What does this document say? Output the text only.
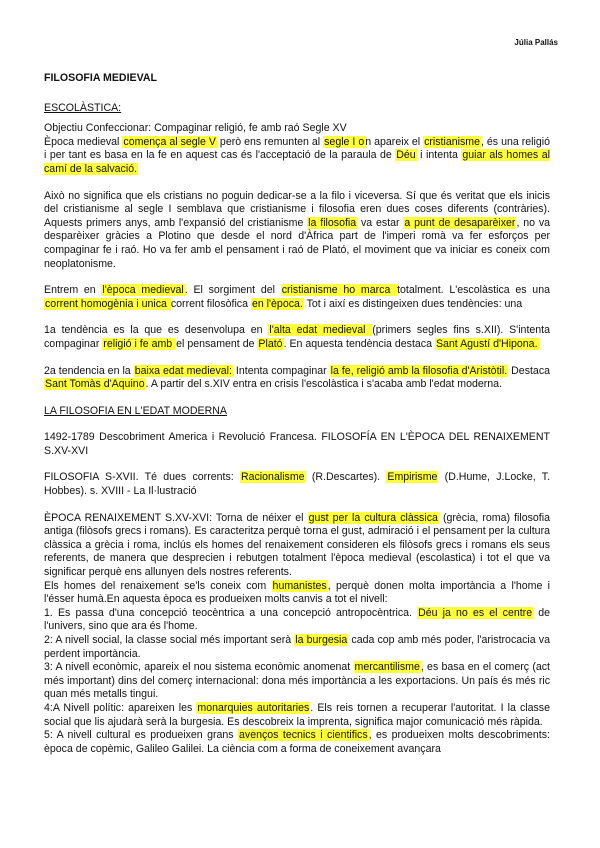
Júlia Pallás

FILOSOFIA MEDIEVAL

ESCOLÀSTICA:

Objectiu Confeccionar: Compaginar religió, fe amb raó Segle XV
Època medieval comença al segle V però ens remunten al segle I on apareix el cristianisme, és una religió i per tant es basa en la fe en aquest cas és l'acceptació de la paraula de Déu i intenta guiar als homes al camí de la salvació.

Això no significa que els cristians no poguin dedicar-se a la filo i viceversa. Sí que és veritat que els inicis del cristianisme al segle I semblava que cristianisme i filosofia eren dues coses diferents (contràries). Aquests primers anys, amb l'expansió del cristianisme la filosofia va estar a punt de desaparèixer, no va desparèixer gràcies a Plotino que desde el nord d'Àfrica part de l'imperi romà va fer esforços per compaginar fe i raó. Ho va fer amb el pensament i raó de Plató, el moviment que va iniciar es coneix com neoplatonisme.

Entrem en l'època medieval. El sorgiment del cristianisme ho marca totalment. L'escolàstica es una corrent homogènia i unica corrent filosòfica en l'època. Tot i així es distingeixen dues tendències: una

1a tendència es la que es desenvolupa en l'alta edat medieval (primers segles fins s.XII). S'intenta compaginar religió i fe amb el pensament de Plató. En aquesta tendència destaca Sant Agustí d'Hipona.

2a tendencia en la baixa edat medieval: Intenta compaginar la fe, religió amb la filosofia d'Aristòtil. Destaca Sant Tomàs d'Aquino. A partir del s.XIV entra en crisis l'escolàstica i s'acaba amb l'edat moderna.

LA FILOSOFIA EN L'EDAT MODERNA

1492-1789 Descobriment America i Revolució Francesa. FILOSOFÍA EN L'ÈPOCA DEL RENAIXEMENT S.XV-XVI

FILOSOFIA S-XVII. Té dues corrents: Racionalisme (R.Descartes). Empirisme (D.Hume, J.Locke, T. Hobbes). s. XVIII - La Il·lustració

ÈPOCA RENAIXEMENT S.XV-XVI: Torna de néixer el gust per la cultura clàssica (grècia, roma) filosofia antiga (filòsofs grecs i romans). Es caracteritza perquè torna el gust, admiració i el pensament per la cultura clàssica a grècia i roma, inclús els homes del renaixement consideren els filòsofs grecs i romans els seus referents, de manera que desprecien i rebutgen totalment l'època medieval (escolastica) i tot el que va significar perquè ens allunyen dels nostres referents.
Els homes del renaixement se'ls coneix com humanistes, perquè donen molta importància a l'home i l'ésser humà.En aquesta època es produeixen molts canvis a tot el nivell:
1. Es passa d'una concepció teocèntrica a una concepció antropocèntrica. Déu ja no es el centre de l'univers, sino que ara és l'home.
2: A nivell social, la classe social més important serà la burgesia cada cop amb més poder, l'aristrocacia va perdent importància.
3: A nivell econòmic, apareix el nou sistema econòmic anomenat mercantilisme, es basa en el comerç (act més important) dins del comerç internacional: dona més importància a les exportacions. Un país és més ric quan més metalls tingui.
4:A Nivell polític: apareixen les monarquies autoritaries. Els reis tornen a recuperar l'autoritat. I la classe social que lis ajudarà serà la burgesia. Es descobreix la imprenta, significa major comunicació més ràpida.
5: A nivell cultural es produeixen grans avenços tecnics i cientifics, es produeixen molts descobriments: època de copèmic, Galileo Galilei. La ciència com a forma de coneixement avançara
